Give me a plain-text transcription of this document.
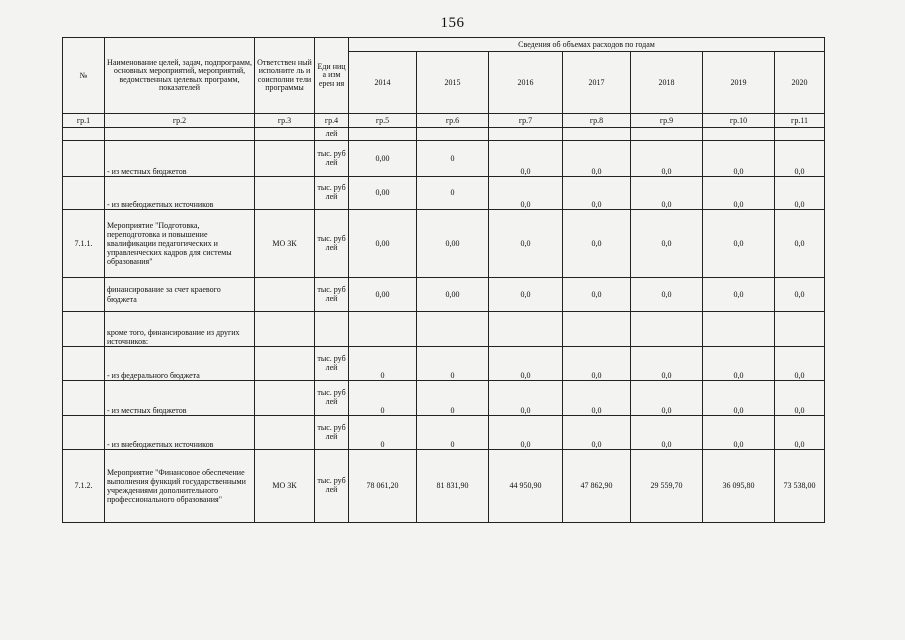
156
№	Наименование целей, задач, подпрограмм, основных мероприятий, мероприятий, ведомственных целевых программ, показателей	Ответствен ный исполните ль и соисполни тели программы	Еди ниц а изм ерен ия	Сведения об объемах расходов по годам						
				2014	2015	2016	2017	2018	2019	2020
гр.1	гр.2	гр.3	гр.4	гр.5	гр.6	гр.7	гр.8	гр.9	гр.10	гр.11
			лей							
	- из местных бюджетов		тыс. руб лей	0,00	0	0,0	0,0	0,0	0,0	0,0
	- из внебюджетных источников		тыс. руб лей	0,00	0	0,0	0,0	0,0	0,0	0,0
7.1.1.	Мероприятие "Подготовка, переподготовка и повышение квалификации педагогических и управленческих кадров для системы образования"	МО ЗК	тыс. руб лей	0,00	0,00	0,0	0,0	0,0	0,0	0,0
	финансирование за счет краевого бюджета		тыс. руб лей	0,00	0,00	0,0	0,0	0,0	0,0	0,0
	кроме того, финансирование из других источников:									
	- из федерального бюджета		тыс. руб лей	0	0	0,0	0,0	0,0	0,0	0,0
	- из местных бюджетов		тыс. руб лей	0	0	0,0	0,0	0,0	0,0	0,0
	- из внебюджетных источников		тыс. руб лей	0	0	0,0	0,0	0,0	0,0	0,0
7.1.2.	Мероприятие "Финансовое обеспечение выполнения функций государственными учреждениями дополнительного профессионального образования"	МО ЗК	тыс. руб лей	78 061,20	81 831,90	44 950,90	47 862,90	29 559,70	36 095,80	73 538,00
